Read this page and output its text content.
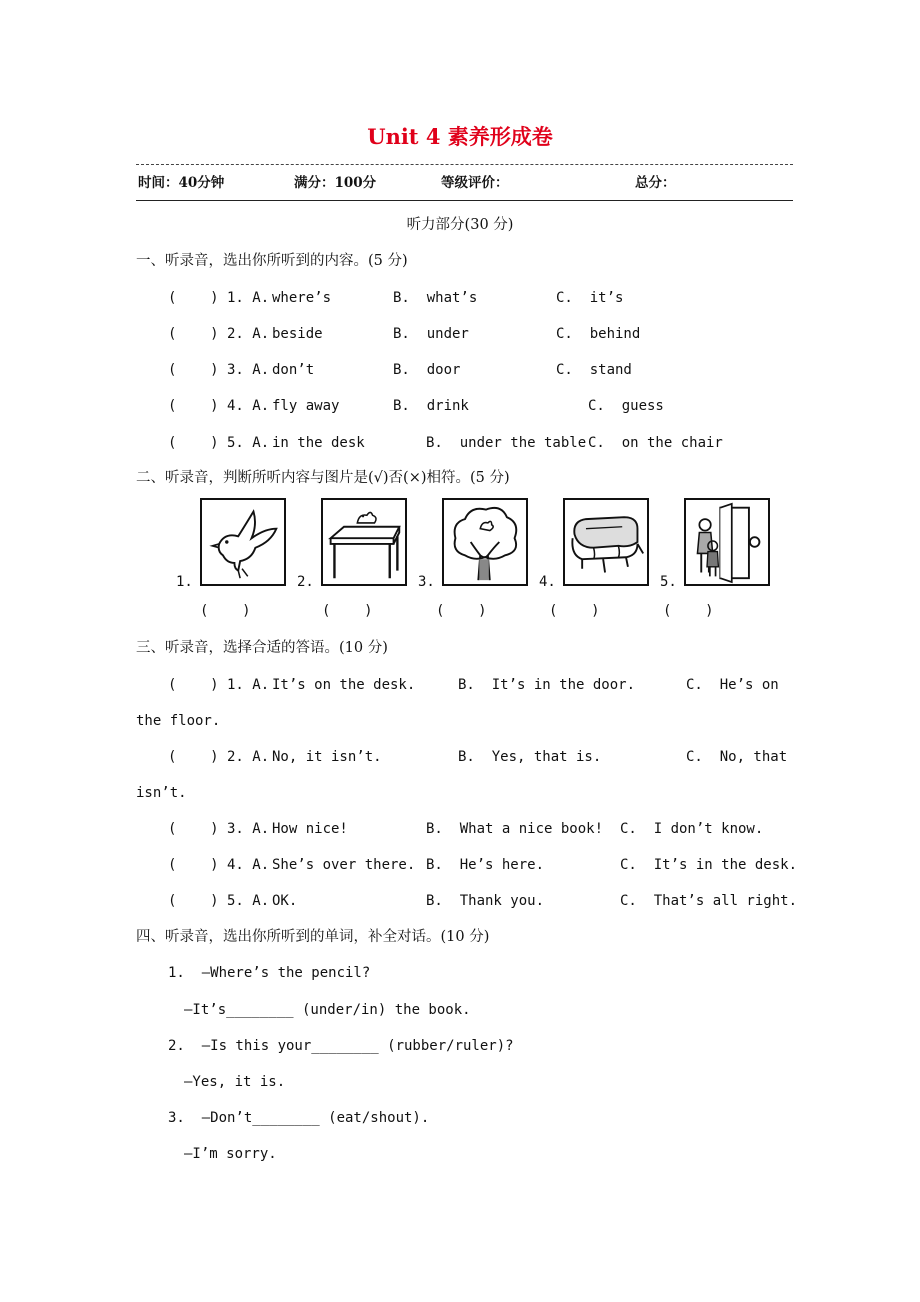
Unit 4 素养形成卷
时间：40分钟	满分：100分	等级评价：	总分：
听力部分(30 分)
一、听录音，选出你所听到的内容。(5 分)
(    ) 1. A. where’s	B.  what’s	C.  it’s
(    ) 2. A. beside	B.  under	C.  behind
(    ) 3. A. don’t	B.  door	C.  stand
(    ) 4. A. fly away	B.  drink	C.  guess
(    ) 5. A. in the desk	B.  under the table C.  on the chair
二、听录音，判断所听内容与图片是(√)否(×)相符。(5 分)
1.	2.	3.	4.	5.
(    )	(    )	(    )	(    )	(    )
三、听录音，选择合适的答语。(10 分)
(    ) 1. A. It’s on the desk.	B.  It’s in the door.	C.  He’s on
the floor.
(    ) 2. A. No, it isn’t.	B.  Yes, that is.	C.  No, that
isn’t.
(    ) 3. A. How nice!	B.  What a nice book! C.  I don’t know.
(    ) 4. A. She’s over there. B.  He’s here.	C.  It’s in the desk.
(    ) 5. A. OK.	B.  Thank you.	C.  That’s all right.
四、听录音，选出你所听到的单词，补全对话。(10 分)
1.  —Where’s the pencil?
—It’s________ (under/in) the book.
2.  —Is this your________ (rubber/ruler)?
—Yes, it is.
3.  —Don’t________ (eat/shout).
—I’m sorry.
